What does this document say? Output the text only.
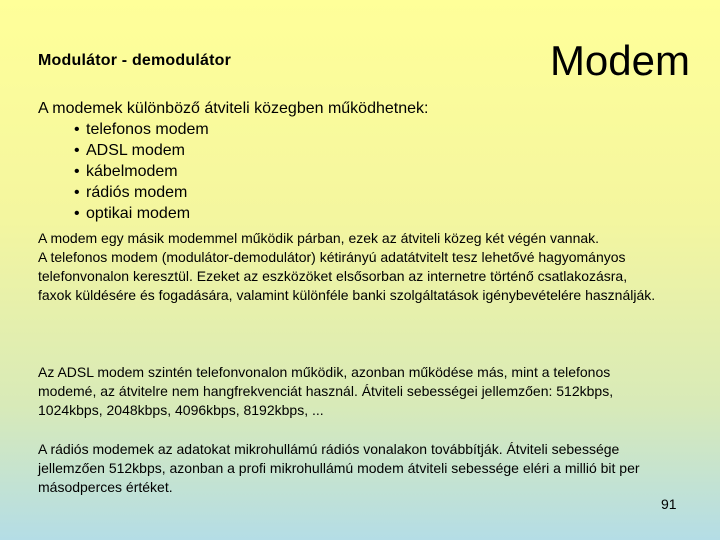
Modulátor - demodulátor	Modem
A modemek különböző átviteli közegben működhetnek:
• telefonos modem
• ADSL modem
• kábelmodem
• rádiós modem
• optikai modem
A modem egy másik modemmel működik párban, ezek az átviteli közeg két végén vannak.
A telefonos modem (modulátor-demodulátor) kétirányú adatátvitelt tesz lehetővé hagyományos telefonvonalon keresztül. Ezeket az eszközöket elsősorban az internetre történő csatlakozásra, faxok küldésére és fogadására, valamint különféle banki szolgáltatások igénybevételére használják.
Az ADSL modem szintén telefonvonalon működik, azonban működése más, mint a telefonos modemé, az átvitelre nem hangfrekvenciát használ. Átviteli sebességei jellemzően: 512kbps, 1024kbps, 2048kbps, 4096kbps, 8192kbps, ...
A rádiós modemek az adatokat mikrohullámú rádiós vonalakon továbbítják. Átviteli sebessége jellemzően 512kbps, azonban a profi mikrohullámú modem átviteli sebessége eléri a millió bit per másodperces értéket.
91
